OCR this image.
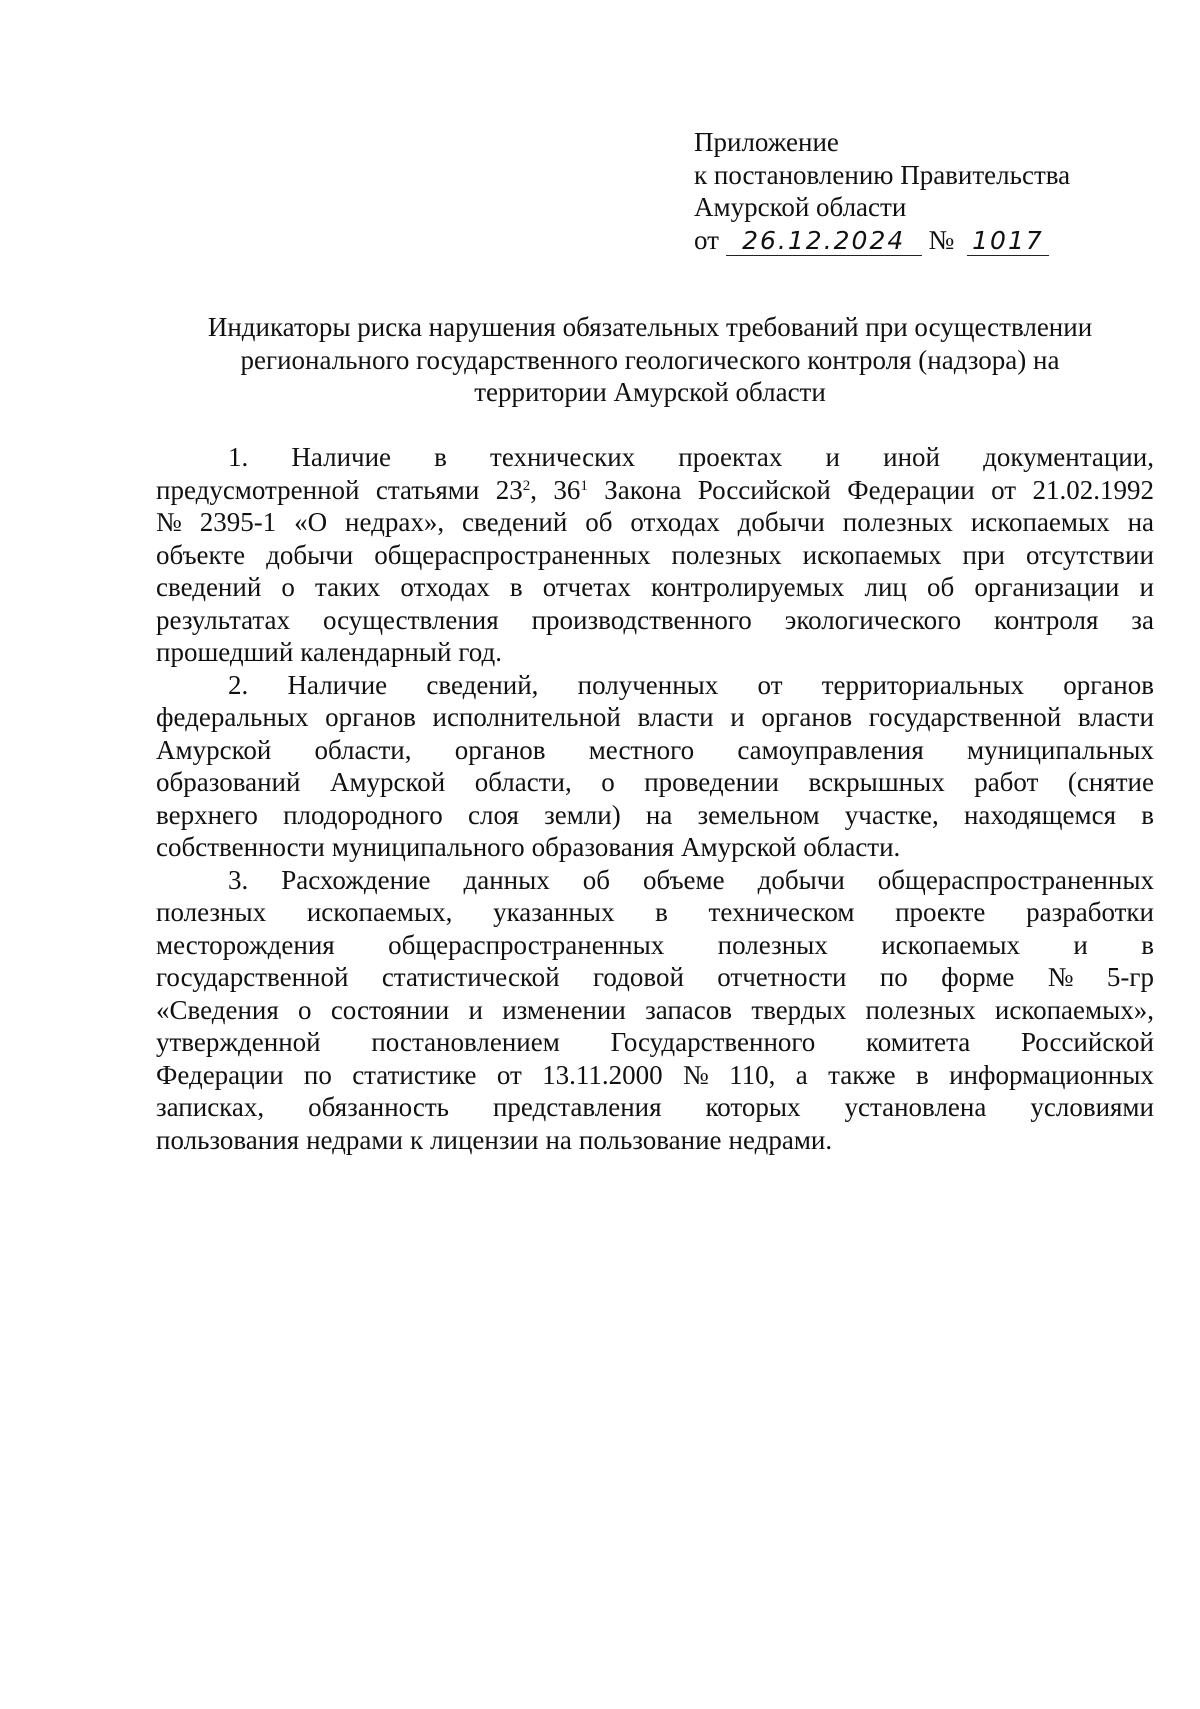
Приложение
к постановлению Правительства
Амурской области
от 26.12.2024 № 1017
Индикаторы риска нарушения обязательных требований при осуществлении
регионального государственного геологического контроля (надзора) на
территории Амурской области
1. Наличие в технических проектах и иной документации,
предусмотренной статьями $23^2$, $36^1$ Закона Российской Федерации от 21.02.1992
№ 2395-1 «О недрах», сведений об отходах добычи полезных ископаемых на
объекте добычи общераспространенных полезных ископаемых при отсутствии
сведений о таких отходах в отчетах контролируемых лиц об организации и
результатах осуществления производственного экологического контроля за
прошедший календарный год.
2. Наличие сведений, полученных от территориальных органов
федеральных органов исполнительной власти и органов государственной власти
Амурской области, органов местного самоуправления муниципальных
образований Амурской области, о проведении вскрышных работ (снятие
верхнего плодородного слоя земли) на земельном участке, находящемся в
собственности муниципального образования Амурской области.
3. Расхождение данных об объеме добычи общераспространенных
полезных ископаемых, указанных в техническом проекте разработки
месторождения общераспространенных полезных ископаемых и в
государственной статистической годовой отчетности по форме № 5-гр
«Сведения о состоянии и изменении запасов твердых полезных ископаемых»,
утвержденной постановлением Государственного комитета Российской
Федерации по статистике от 13.11.2000 № 110, а также в информационных
записках, обязанность представления которых установлена условиями
пользования недрами к лицензии на пользование недрами.
